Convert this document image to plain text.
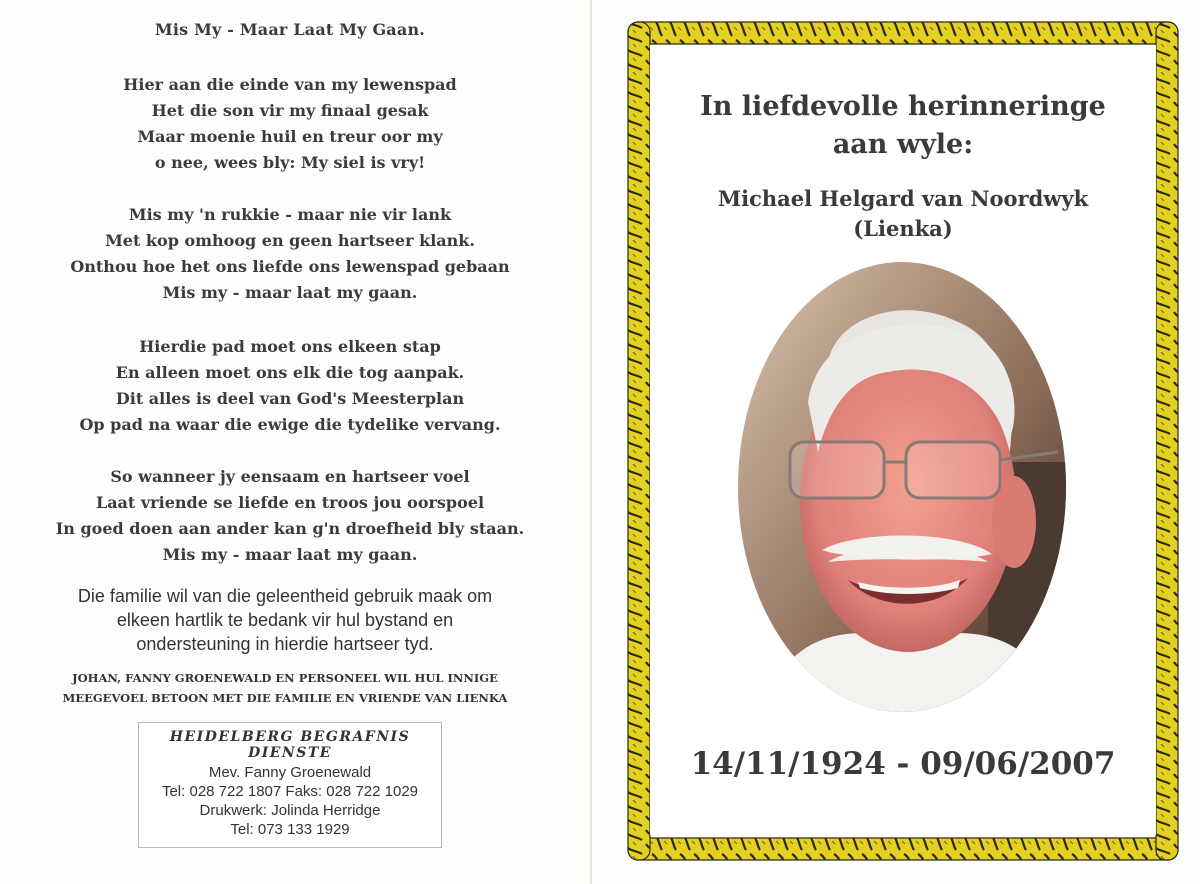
Mis My - Maar Laat My Gaan.
Hier aan die einde van my lewenspad
Het die son vir my finaal gesak
Maar moenie huil en treur oor my
o nee, wees bly: My siel is vry!
Mis my 'n rukkie - maar nie vir lank
Met kop omhoog en geen hartseer klank.
Onthou hoe het ons liefde ons lewenspad gebaan
Mis my - maar laat my gaan.
Hierdie pad moet ons elkeen stap
En alleen moet ons elk die tog aanpak.
Dit alles is deel van God's Meesterplan
Op pad na waar die ewige die tydelike vervang.
So wanneer jy eensaam en hartseer voel
Laat vriende se liefde en troos jou oorspoel
In goed doen aan ander kan g'n droefheid bly staan.
Mis my - maar laat my gaan.
Die familie wil van die geleentheid gebruik maak om
elkeen hartlik te bedank vir hul bystand en
ondersteuning in hierdie hartseer tyd.
JOHAN, FANNY GROENEWALD EN PERSONEEL WIL HUL INNIGE
MEEGEVOEL BETOON MET DIE FAMILIE EN VRIENDE VAN LIENKA
HEIDELBERG BEGRAFNIS DIENSTE
Mev. Fanny Groenewald
Tel: 028 722 1807 Faks: 028 722 1029
Drukwerk: Jolinda Herridge
Tel: 073 133 1929
In liefdevolle herinneringe
aan wyle:
Michael Helgard van Noordwyk
(Lienka)
14/11/1924 - 09/06/2007
